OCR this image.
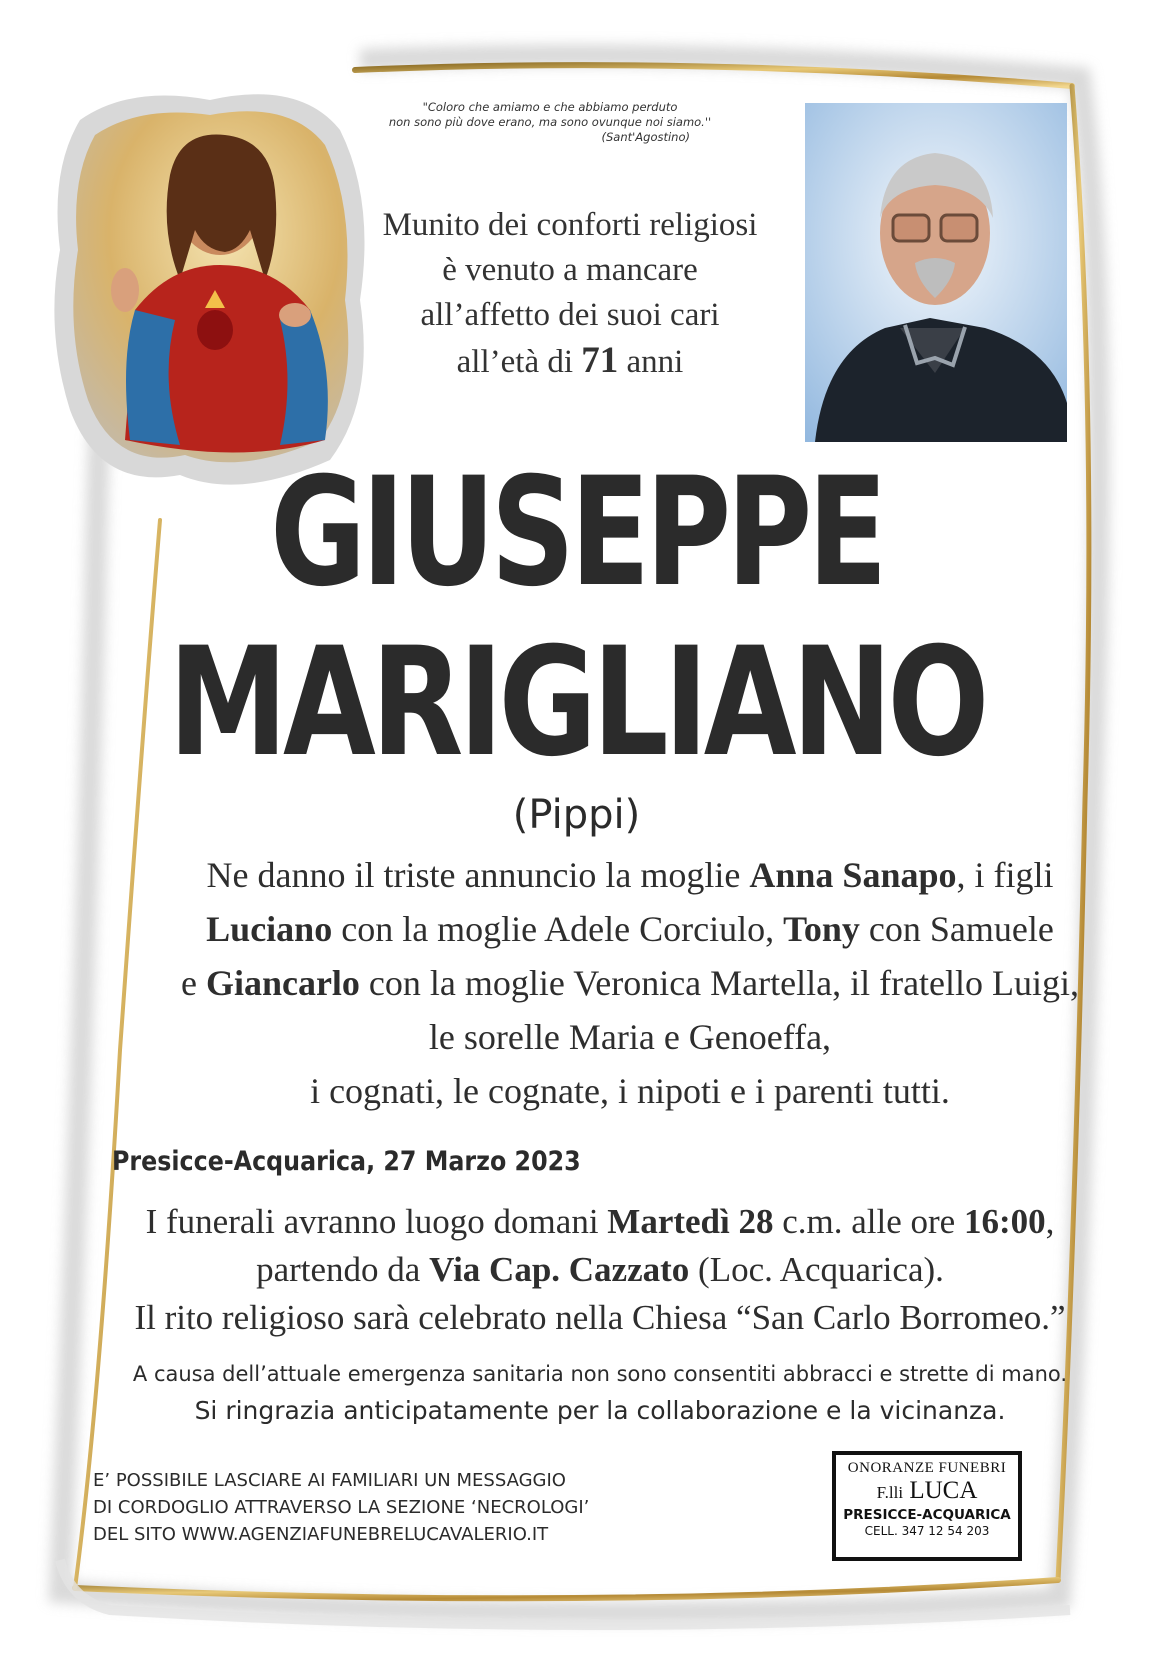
"Coloro che amiamo e che abbiamo perduto
non sono più dove erano, ma sono ovunque noi siamo.''

(Sant'Agostino)
Munito dei conforti religiosi
è venuto a mancare
all’affetto dei suoi cari
all’età di 71 anni
GIUSEPPE
MARIGLIANO
(Pippi)
Ne danno il triste annuncio la moglie Anna Sanapo, i figli
Luciano con la moglie Adele Corciulo, Tony con Samuele
e Giancarlo con la moglie Veronica Martella, il fratello Luigi,
le sorelle Maria e Genoeffa,
i cognati, le cognate, i nipoti e i parenti tutti.
Presicce-Acquarica, 27 Marzo 2023
I funerali avranno luogo domani Martedì 28 c.m. alle ore 16:00,
partendo da Via Cap. Cazzato (Loc. Acquarica).
Il rito religioso sarà celebrato nella Chiesa “San Carlo Borromeo.”
A causa dell’attuale emergenza sanitaria non sono consentiti abbracci e strette di mano.
Si ringrazia anticipatamente per la collaborazione e la vicinanza.
E’ POSSIBILE LASCIARE AI FAMILIARI UN MESSAGGIO
DI CORDOGLIO ATTRAVERSO LA SEZIONE ‘NECROLOGI’
DEL SITO WWW.AGENZIAFUNEBRELUCAVALERIO.IT
ONORANZE FUNEBRI
F.lli LUCA
PRESICCE-ACQUARICA
CELL. 347 12 54 203
